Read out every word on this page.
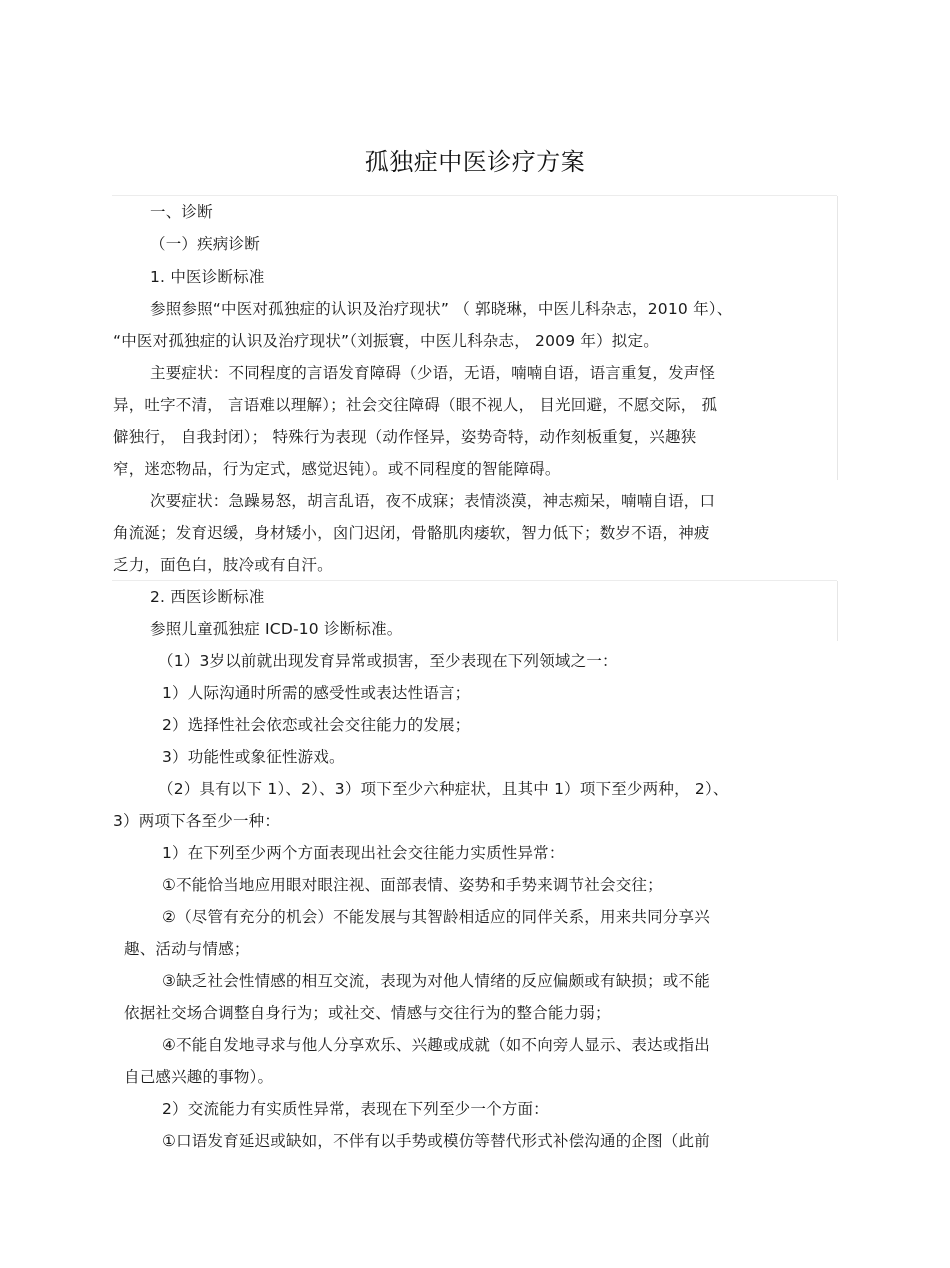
孤独症中医诊疗方案
一、诊断
（一）疾病诊断
1. 中医诊断标准
参照参照“中医对孤独症的认识及治疗现状” （ 郭晓琳，中医儿科杂志，2010 年）、
“中医对孤独症的认识及治疗现状”（刘振寰，中医儿科杂志， 2009 年）拟定。
主要症状：不同程度的言语发育障碍（少语，无语，喃喃自语，语言重复，发声怪
异，吐字不清， 言语难以理解）；社会交往障碍（眼不视人， 目光回避，不愿交际， 孤
僻独行， 自我封闭）； 特殊行为表现（动作怪异，姿势奇特，动作刻板重复，兴趣狭
窄，迷恋物品，行为定式，感觉迟钝）。或不同程度的智能障碍。
次要症状：急躁易怒，胡言乱语，夜不成寐；表情淡漠，神志痴呆，喃喃自语，口
角流涎；发育迟缓，身材矮小，囟门迟闭，骨骼肌肉痿软，智力低下；数岁不语，神疲
乏力，面色白，肢冷或有自汗。
2. 西医诊断标准
参照儿童孤独症 ICD-10 诊断标准。
（1）3岁以前就出现发育异常或损害，至少表现在下列领域之一：
1）人际沟通时所需的感受性或表达性语言；
2）选择性社会依恋或社会交往能力的发展；
3）功能性或象征性游戏。
（2）具有以下 1）、2）、3）项下至少六种症状，且其中 1）项下至少两种， 2）、
3）两项下各至少一种：
1）在下列至少两个方面表现出社会交往能力实质性异常：
①不能恰当地应用眼对眼注视、面部表情、姿势和手势来调节社会交往；
②（尽管有充分的机会）不能发展与其智龄相适应的同伴关系，用来共同分享兴
趣、活动与情感；
③缺乏社会性情感的相互交流，表现为对他人情绪的反应偏颇或有缺损；或不能
依据社交场合调整自身行为；或社交、情感与交往行为的整合能力弱；
④不能自发地寻求与他人分享欢乐、兴趣或成就（如不向旁人显示、表达或指出
自己感兴趣的事物）。
2）交流能力有实质性异常，表现在下列至少一个方面：
①口语发育延迟或缺如，不伴有以手势或模仿等替代形式补偿沟通的企图（此前
